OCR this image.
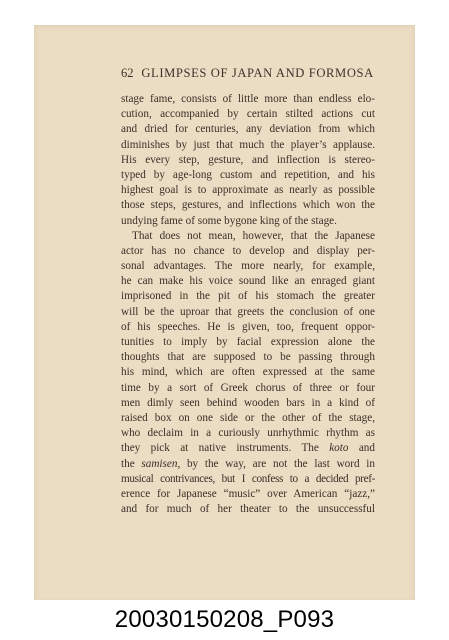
62 GLIMPSES OF JAPAN AND FORMOSA
stage fame, consists of little more than endless elo-
cution, accompanied by certain stilted actions cut
and dried for centuries, any deviation from which
diminishes by just that much the player’s applause.
His every step, gesture, and inflection is stereo-
typed by age-long custom and repetition, and his
highest goal is to approximate as nearly as possible
those steps, gestures, and inflections which won the
undying fame of some bygone king of the stage.
That does not mean, however, that the Japanese
actor has no chance to develop and display per-
sonal advantages. The more nearly, for example,
he can make his voice sound like an enraged giant
imprisoned in the pit of his stomach the greater
will be the uproar that greets the conclusion of one
of his speeches. He is given, too, frequent oppor-
tunities to imply by facial expression alone the
thoughts that are supposed to be passing through
his mind, which are often expressed at the same
time by a sort of Greek chorus of three or four
men dimly seen behind wooden bars in a kind of
raised box on one side or the other of the stage,
who declaim in a curiously unrhythmic rhythm as
they pick at native instruments. The koto and
the samisen, by the way, are not the last word in
musical contrivances, but I confess to a decided pref-
erence for Japanese “music” over American “jazz,”
and for much of her theater to the unsuccessful
20030150208_P093
